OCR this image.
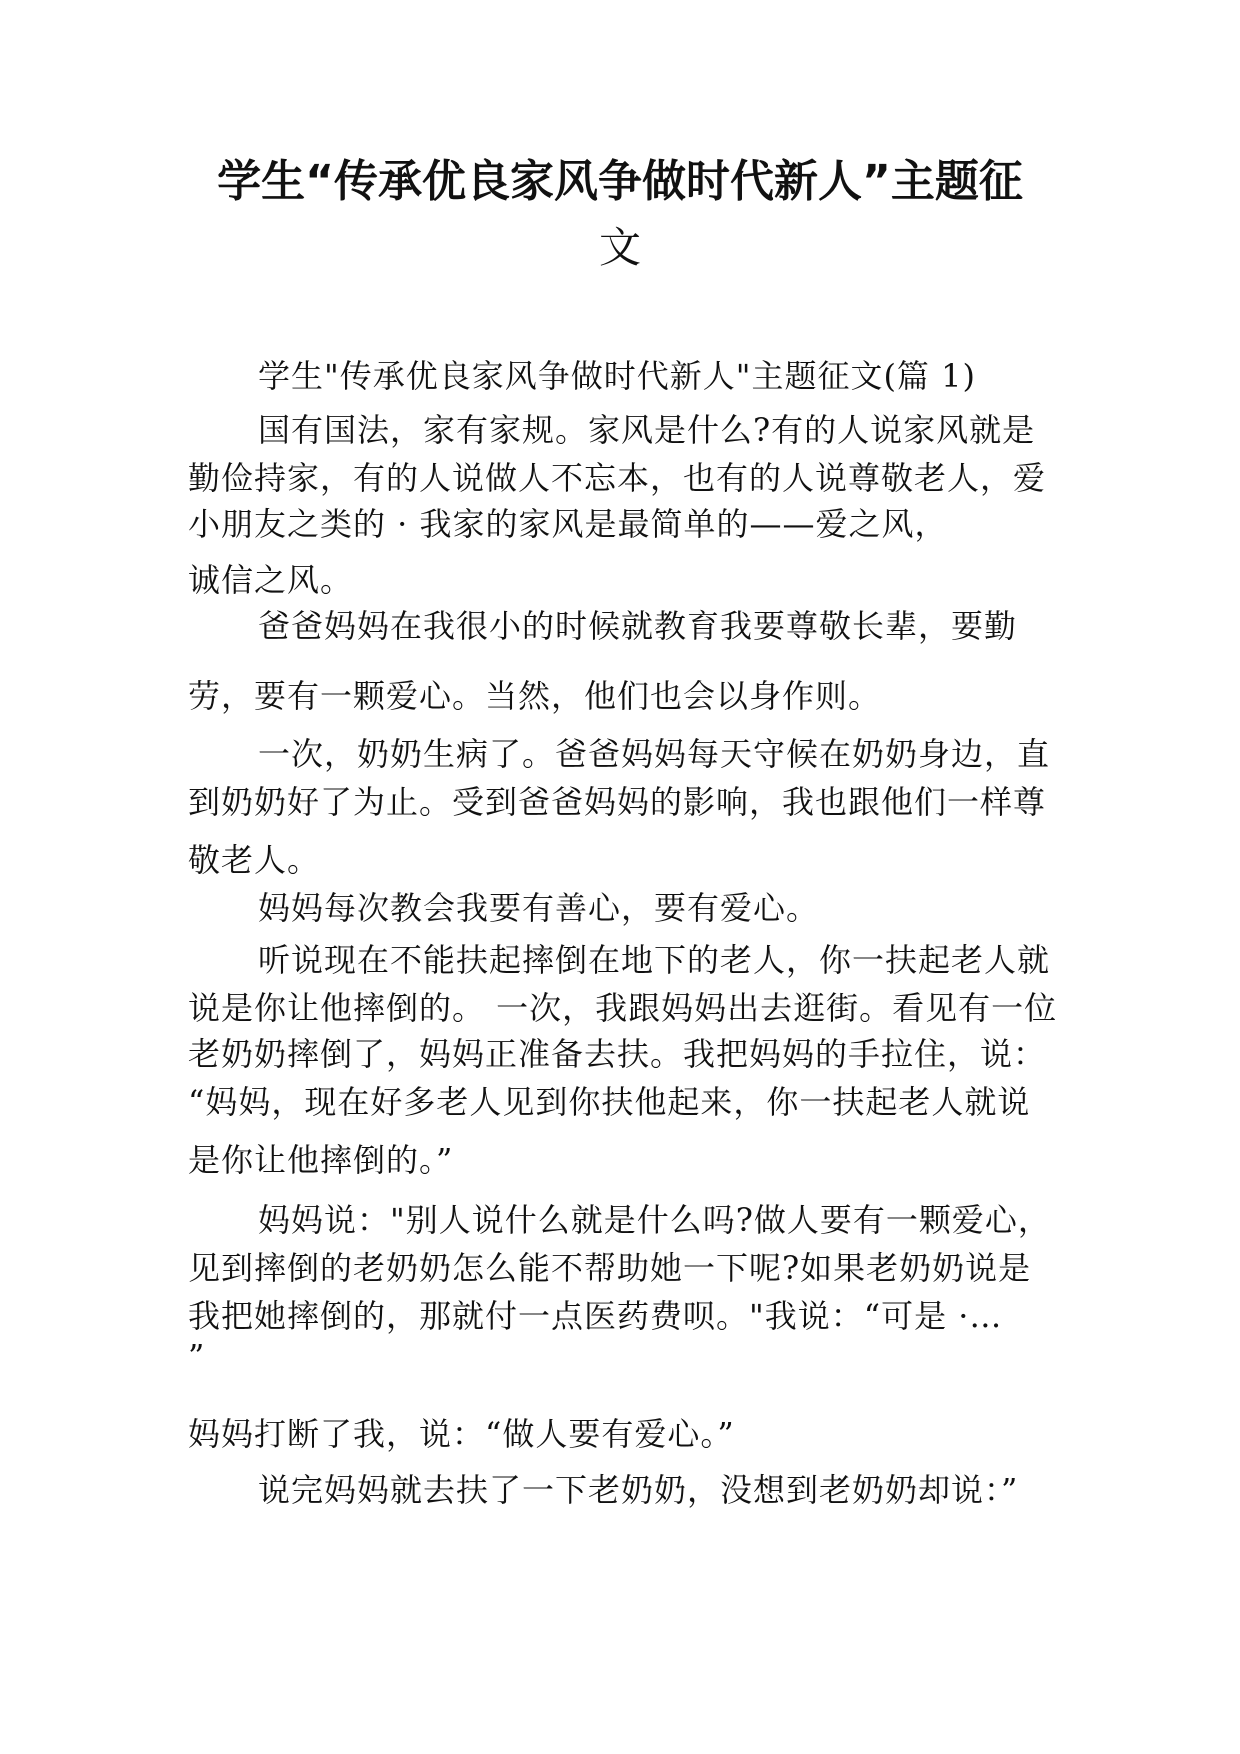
学生“传承优良家风争做时代新人”主题征
文
学生"传承优良家风争做时代新人"主题征文(篇 1)
国有国法，家有家规。家风是什么?有的人说家风就是
勤俭持家，有的人说做人不忘本，也有的人说尊敬老人，爱
小朋友之类的 · 我家的家风是最简单的——爱之风，
诚信之风。
爸爸妈妈在我很小的时候就教育我要尊敬长辈，要勤
劳，要有一颗爱心。当然，他们也会以身作则。
一次，奶奶生病了。爸爸妈妈每天守候在奶奶身边，直
到奶奶好了为止。受到爸爸妈妈的影响，我也跟他们一样尊
敬老人。
妈妈每次教会我要有善心，要有爱心。
听说现在不能扶起摔倒在地下的老人，你一扶起老人就
说是你让他摔倒的。 一次，我跟妈妈出去逛街。看见有一位
老奶奶摔倒了，妈妈正准备去扶。我把妈妈的手拉住，说：
“妈妈，现在好多老人见到你扶他起来，你一扶起老人就说
是你让他摔倒的。”
妈妈说："别人说什么就是什么吗?做人要有一颗爱心，
见到摔倒的老奶奶怎么能不帮助她一下呢?如果老奶奶说是
我把她摔倒的，那就付一点医药费呗。"我说：“可是 ·…
”
妈妈打断了我，说：“做人要有爱心。”
说完妈妈就去扶了一下老奶奶，没想到老奶奶却说：”
